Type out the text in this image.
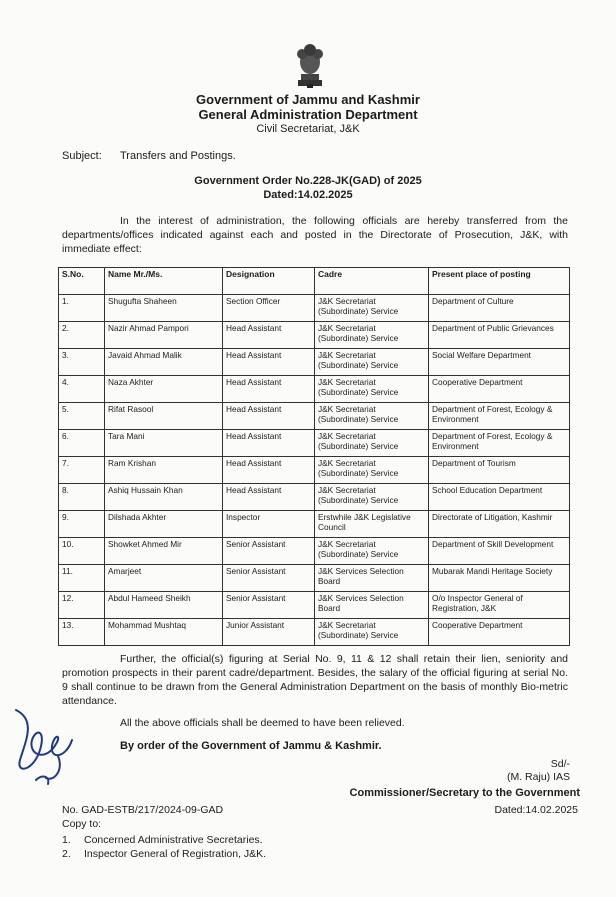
Government of Jammu and Kashmir
General Administration Department
Civil Secretariat, J&K
Subject: Transfers and Postings.
Government Order No.228-JK(GAD) of 2025
Dated:14.02.2025
In the interest of administration, the following officials are hereby transferred from the departments/offices indicated against each and posted in the Directorate of Prosecution, J&K, with immediate effect:
S.No.	Name Mr./Ms.	Designation	Cadre	Present place of posting
1.	Shugufta Shaheen	Section Officer	J&K Secretariat (Subordinate) Service	Department of Culture
2.	Nazir Ahmad Pampori	Head Assistant	J&K Secretariat (Subordinate) Service	Department of Public Grievances
3.	Javaid Ahmad Malik	Head Assistant	J&K Secretariat (Subordinate) Service	Social Welfare Department
4.	Naza Akhter	Head Assistant	J&K Secretariat (Subordinate) Service	Cooperative Department
5.	Rifat Rasool	Head Assistant	J&K Secretariat (Subordinate) Service	Department of Forest, Ecology & Environment
6.	Tara Mani	Head Assistant	J&K Secretariat (Subordinate) Service	Department of Forest, Ecology & Environment
7.	Ram Krishan	Head Assistant	J&K Secretariat (Subordinate) Service	Department of Tourism
8.	Ashiq Hussain Khan	Head Assistant	J&K Secretariat (Subordinate) Service	School Education Department
9.	Dilshada Akhter	Inspector	Erstwhile J&K Legislative Council	Directorate of Litigation, Kashmir
10.	Showket Ahmed Mir	Senior Assistant	J&K Secretariat (Subordinate) Service	Department of Skill Development
11.	Amarjeet	Senior Assistant	J&K Services Selection Board	Mubarak Mandi Heritage Society
12.	Abdul Hameed Sheikh	Senior Assistant	J&K Services Selection Board	O/o Inspector General of Registration, J&K
13.	Mohammad Mushtaq	Junior Assistant	J&K Secretariat (Subordinate) Service	Cooperative Department
Further, the official(s) figuring at Serial No. 9, 11 & 12 shall retain their lien, seniority and promotion prospects in their parent cadre/department. Besides, the salary of the official figuring at serial No. 9 shall continue to be drawn from the General Administration Department on the basis of monthly Bio-metric attendance.
All the above officials shall be deemed to have been relieved.
By order of the Government of Jammu & Kashmir.
Sd/-
(M. Raju) IAS
Commissioner/Secretary to the Government
No. GAD-ESTB/217/2024-09-GAD	Dated:14.02.2025
Copy to:
1. Concerned Administrative Secretaries.
2. Inspector General of Registration, J&K.
